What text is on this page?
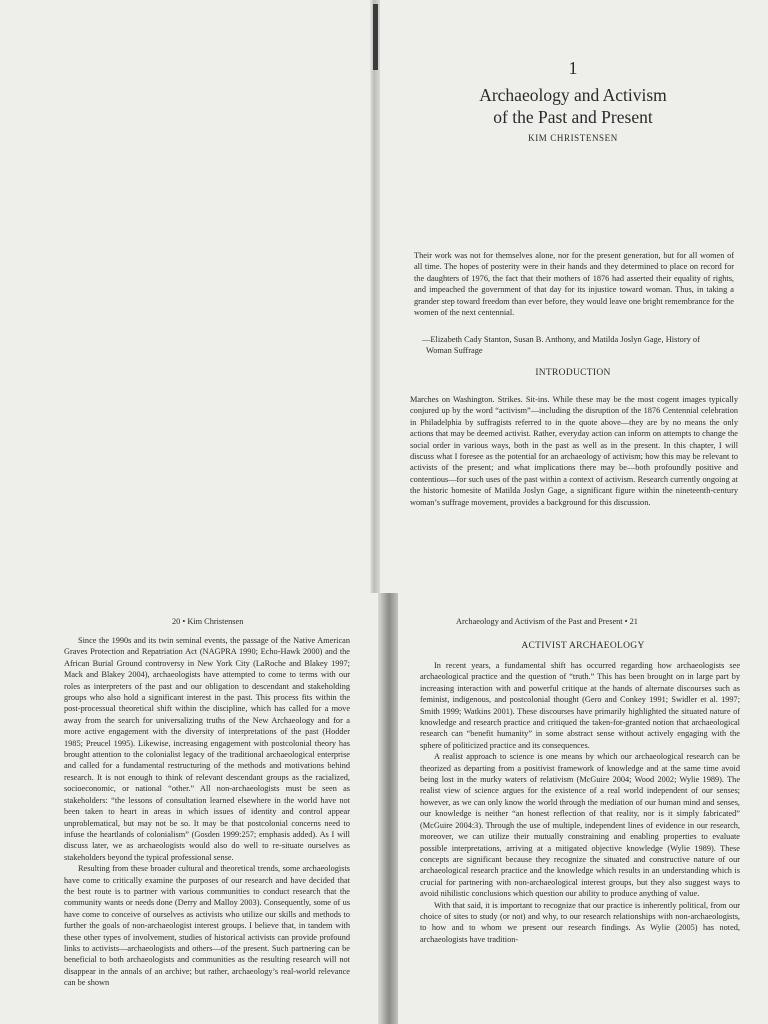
1
Archaeology and Activism
of the Past and Present
KIM CHRISTENSEN
Their work was not for themselves alone, nor for the present generation, but for all women of all time. The hopes of posterity were in their hands and they determined to place on record for the daughters of 1976, the fact that their mothers of 1876 had asserted their equality of rights, and impeached the government of that day for its injustice toward woman. Thus, in taking a grander step toward freedom than ever before, they would leave one bright remembrance for the women of the next centennial.
—Elizabeth Cady Stanton, Susan B. Anthony, and Matilda Joslyn Gage, History of Woman Suffrage
INTRODUCTION
Marches on Washington. Strikes. Sit-ins. While these may be the most cogent images typically conjured up by the word “activism”—including the disruption of the 1876 Centennial celebration in Philadelphia by suffragists referred to in the quote above—they are by no means the only actions that may be deemed activist. Rather, everyday action can inform on attempts to change the social order in various ways, both in the past as well as in the present. In this chapter, I will discuss what I foresee as the potential for an archaeology of activism; how this may be relevant to activists of the present; and what implications there may be—both profoundly positive and contentious—for such uses of the past within a context of activism. Research currently ongoing at the historic homesite of Matilda Joslyn Gage, a significant figure within the nineteenth-century woman’s suffrage movement, provides a background for this discussion.
20 • Kim Christensen

Since the 1990s and its twin seminal events, the passage of the Native American Graves Protection and Repatriation Act (NAGPRA 1990; Echo-Hawk 2000) and the African Burial Ground controversy in New York City (LaRoche and Blakey 1997; Mack and Blakey 2004), archaeologists have attempted to come to terms with our roles as interpreters of the past and our obligation to descendant and stakeholding groups who also hold a significant interest in the past. This process fits within the post-processual theoretical shift within the discipline, which has called for a move away from the search for universalizing truths of the New Archaeology and for a more active engagement with the diversity of interpretations of the past (Hodder 1985; Preucel 1995). Likewise, increasing engagement with postcolonial theory has brought attention to the colonialist legacy of the traditional archaeological enterprise and called for a fundamental restructuring of the methods and motivations behind research. It is not enough to think of relevant descendant groups as the racialized, socioeconomic, or national “other.” All non-archaeologists must be seen as stakeholders: “the lessons of consultation learned elsewhere in the world have not been taken to heart in areas in which issues of identity and control appear unproblematical, but may not be so. It may be that postcolonial concerns need to infuse the heartlands of colonialism” (Gosden 1999:257; emphasis added). As I will discuss later, we as archaeologists would also do well to re-situate ourselves as stakeholders beyond the typical professional sense.

Resulting from these broader cultural and theoretical trends, some archaeologists have come to critically examine the purposes of our research and have decided that the best route is to partner with various communities to conduct research that the community wants or needs done (Derry and Malloy 2003). Consequently, some of us have come to conceive of ourselves as activists who utilize our skills and methods to further the goals of non-archaeologist interest groups. I believe that, in tandem with these other types of involvement, studies of historical activists can provide profound links to activists—archaeologists and others—of the present. Such partnering can be beneficial to both archaeologists and communities as the resulting research will not disappear in the annals of an archive; but rather, archaeology’s real-world relevance can be shown

Archaeology and Activism of the Past and Present • 21
ACTIVIST ARCHAEOLOGY

In recent years, a fundamental shift has occurred regarding how archaeologists see archaeological practice and the question of “truth.” This has been brought on in large part by increasing interaction with and powerful critique at the hands of alternate discourses such as feminist, indigenous, and postcolonial thought (Gero and Conkey 1991; Swidler et al. 1997; Smith 1999; Watkins 2001). These discourses have primarily highlighted the situated nature of knowledge and research practice and critiqued the taken-for-granted notion that archaeological research can “benefit humanity” in some abstract sense without actively engaging with the sphere of politicized practice and its consequences.

A realist approach to science is one means by which our archaeological research can be theorized as departing from a positivist framework of knowledge and at the same time avoid being lost in the murky waters of relativism (McGuire 2004; Wood 2002; Wylie 1989). The realist view of science argues for the existence of a real world independent of our senses; however, as we can only know the world through the mediation of our human mind and senses, our knowledge is neither “an honest reflection of that reality, nor is it simply fabricated” (McGuire 2004:3). Through the use of multiple, independent lines of evidence in our research, moreover, we can utilize their mutually constraining and enabling properties to evaluate possible interpretations, arriving at a mitigated objective knowledge (Wylie 1989). These concepts are significant because they recognize the situated and constructive nature of our archaeological research practice and the knowledge which results in an understanding which is crucial for partnering with non-archaeological interest groups, but they also suggest ways to avoid nihilistic conclusions which question our ability to produce anything of value.

With that said, it is important to recognize that our practice is inherently political, from our choice of sites to study (or not) and why, to our research relationships with non-archaeologists, to how and to whom we present our research findings. As Wylie (2005) has noted, archaeologists have tradition-
